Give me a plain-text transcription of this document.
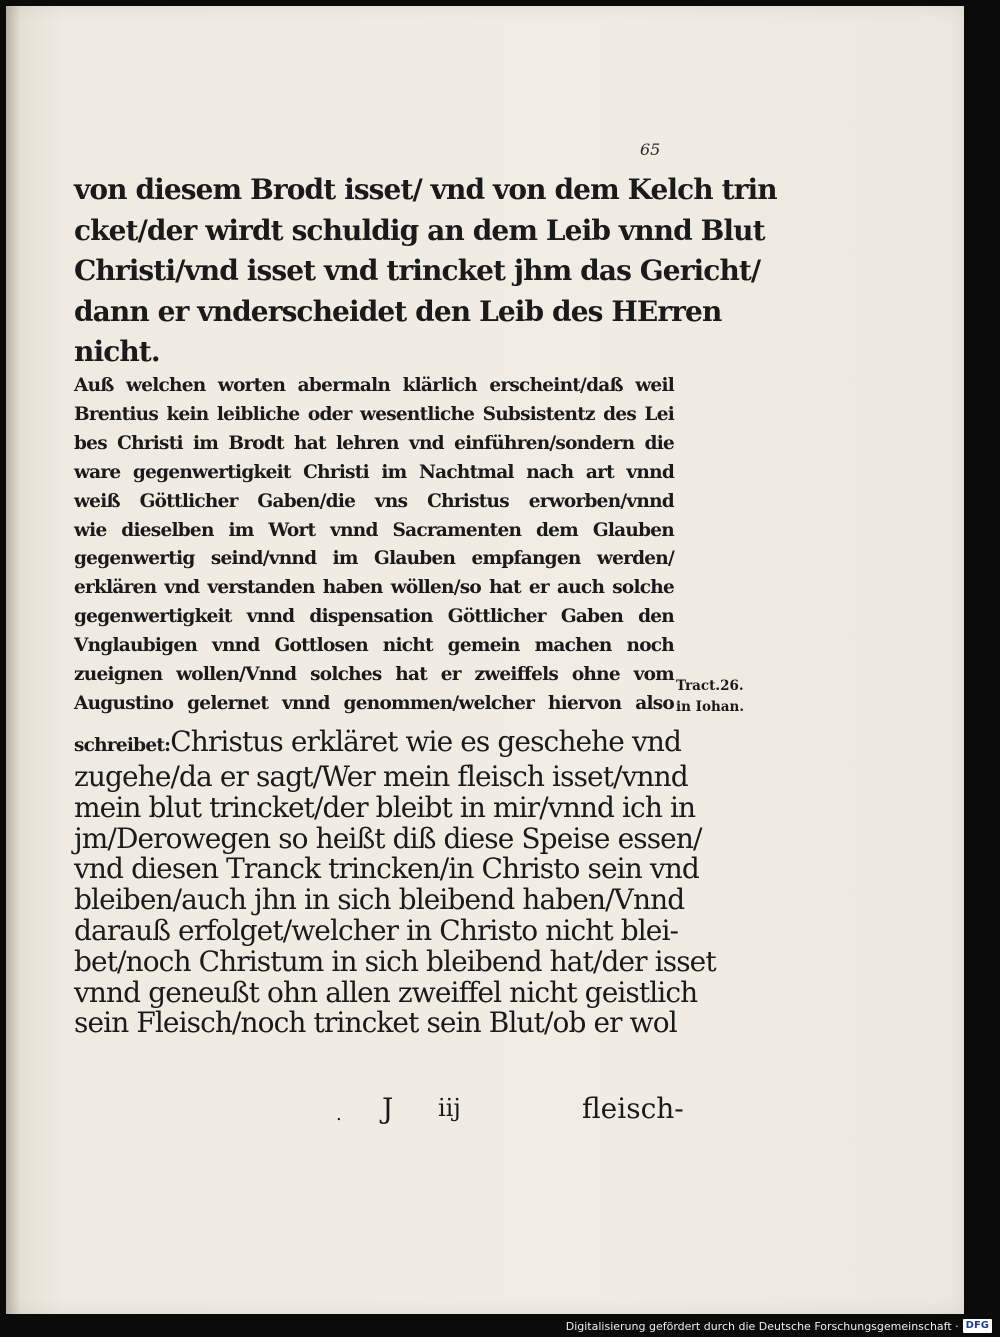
65
von diesem Brodt isset/ vnd von dem Kelch trin
cket/der wirdt schuldig an dem Leib vnnd Blut
Christi/vnd isset vnd trincket jhm das Gericht/
dann er vnderscheidet den Leib des HErren
nicht.
Auß welchen worten abermaln klärlich erscheint/daß weil
Brentius kein leibliche oder wesentliche Subsistentz des Lei
bes Christi im Brodt hat lehren vnd einführen/sondern die
ware gegenwertigkeit Christi im Nachtmal nach art vnnd
weiß Göttlicher Gaben/die vns Christus erworben/vnnd
wie dieselben im Wort vnnd Sacramenten dem Glauben
gegenwertig seind/vnnd im Glauben empfangen werden/
erklären vnd verstanden haben wöllen/so hat er auch solche
gegenwertigkeit vnnd dispensation Göttlicher Gaben den
Vnglaubigen vnnd Gottlosen nicht gemein machen noch
zueignen wollen/Vnnd solches hat er zweiffels ohne vom
Augustino gelernet vnnd genommen/welcher hiervon also
schreibet: Christus erkläret wie es geschehe vnd
zugehe/da er sagt/Wer mein fleisch isset/vnnd
mein blut trincket/der bleibt in mir/vnnd ich in
jm/Derowegen so heißt diß diese Speise essen/
vnd diesen Tranck trincken/in Christo sein vnd
bleiben/auch jhn in sich bleibend haben/Vnnd
darauß erfolget/welcher in Christo nicht blei-
bet/noch Christum in sich bleibend hat/der isset
vnnd geneußt ohn allen zweiffel nicht geistlich
sein Fleisch/noch trincket sein Blut/ob er wol
Tract.26.
in Iohan.
. J iij	fleisch-
Digitalisierung gefördert durch die Deutsche Forschungsgemeinschaft · DFG
